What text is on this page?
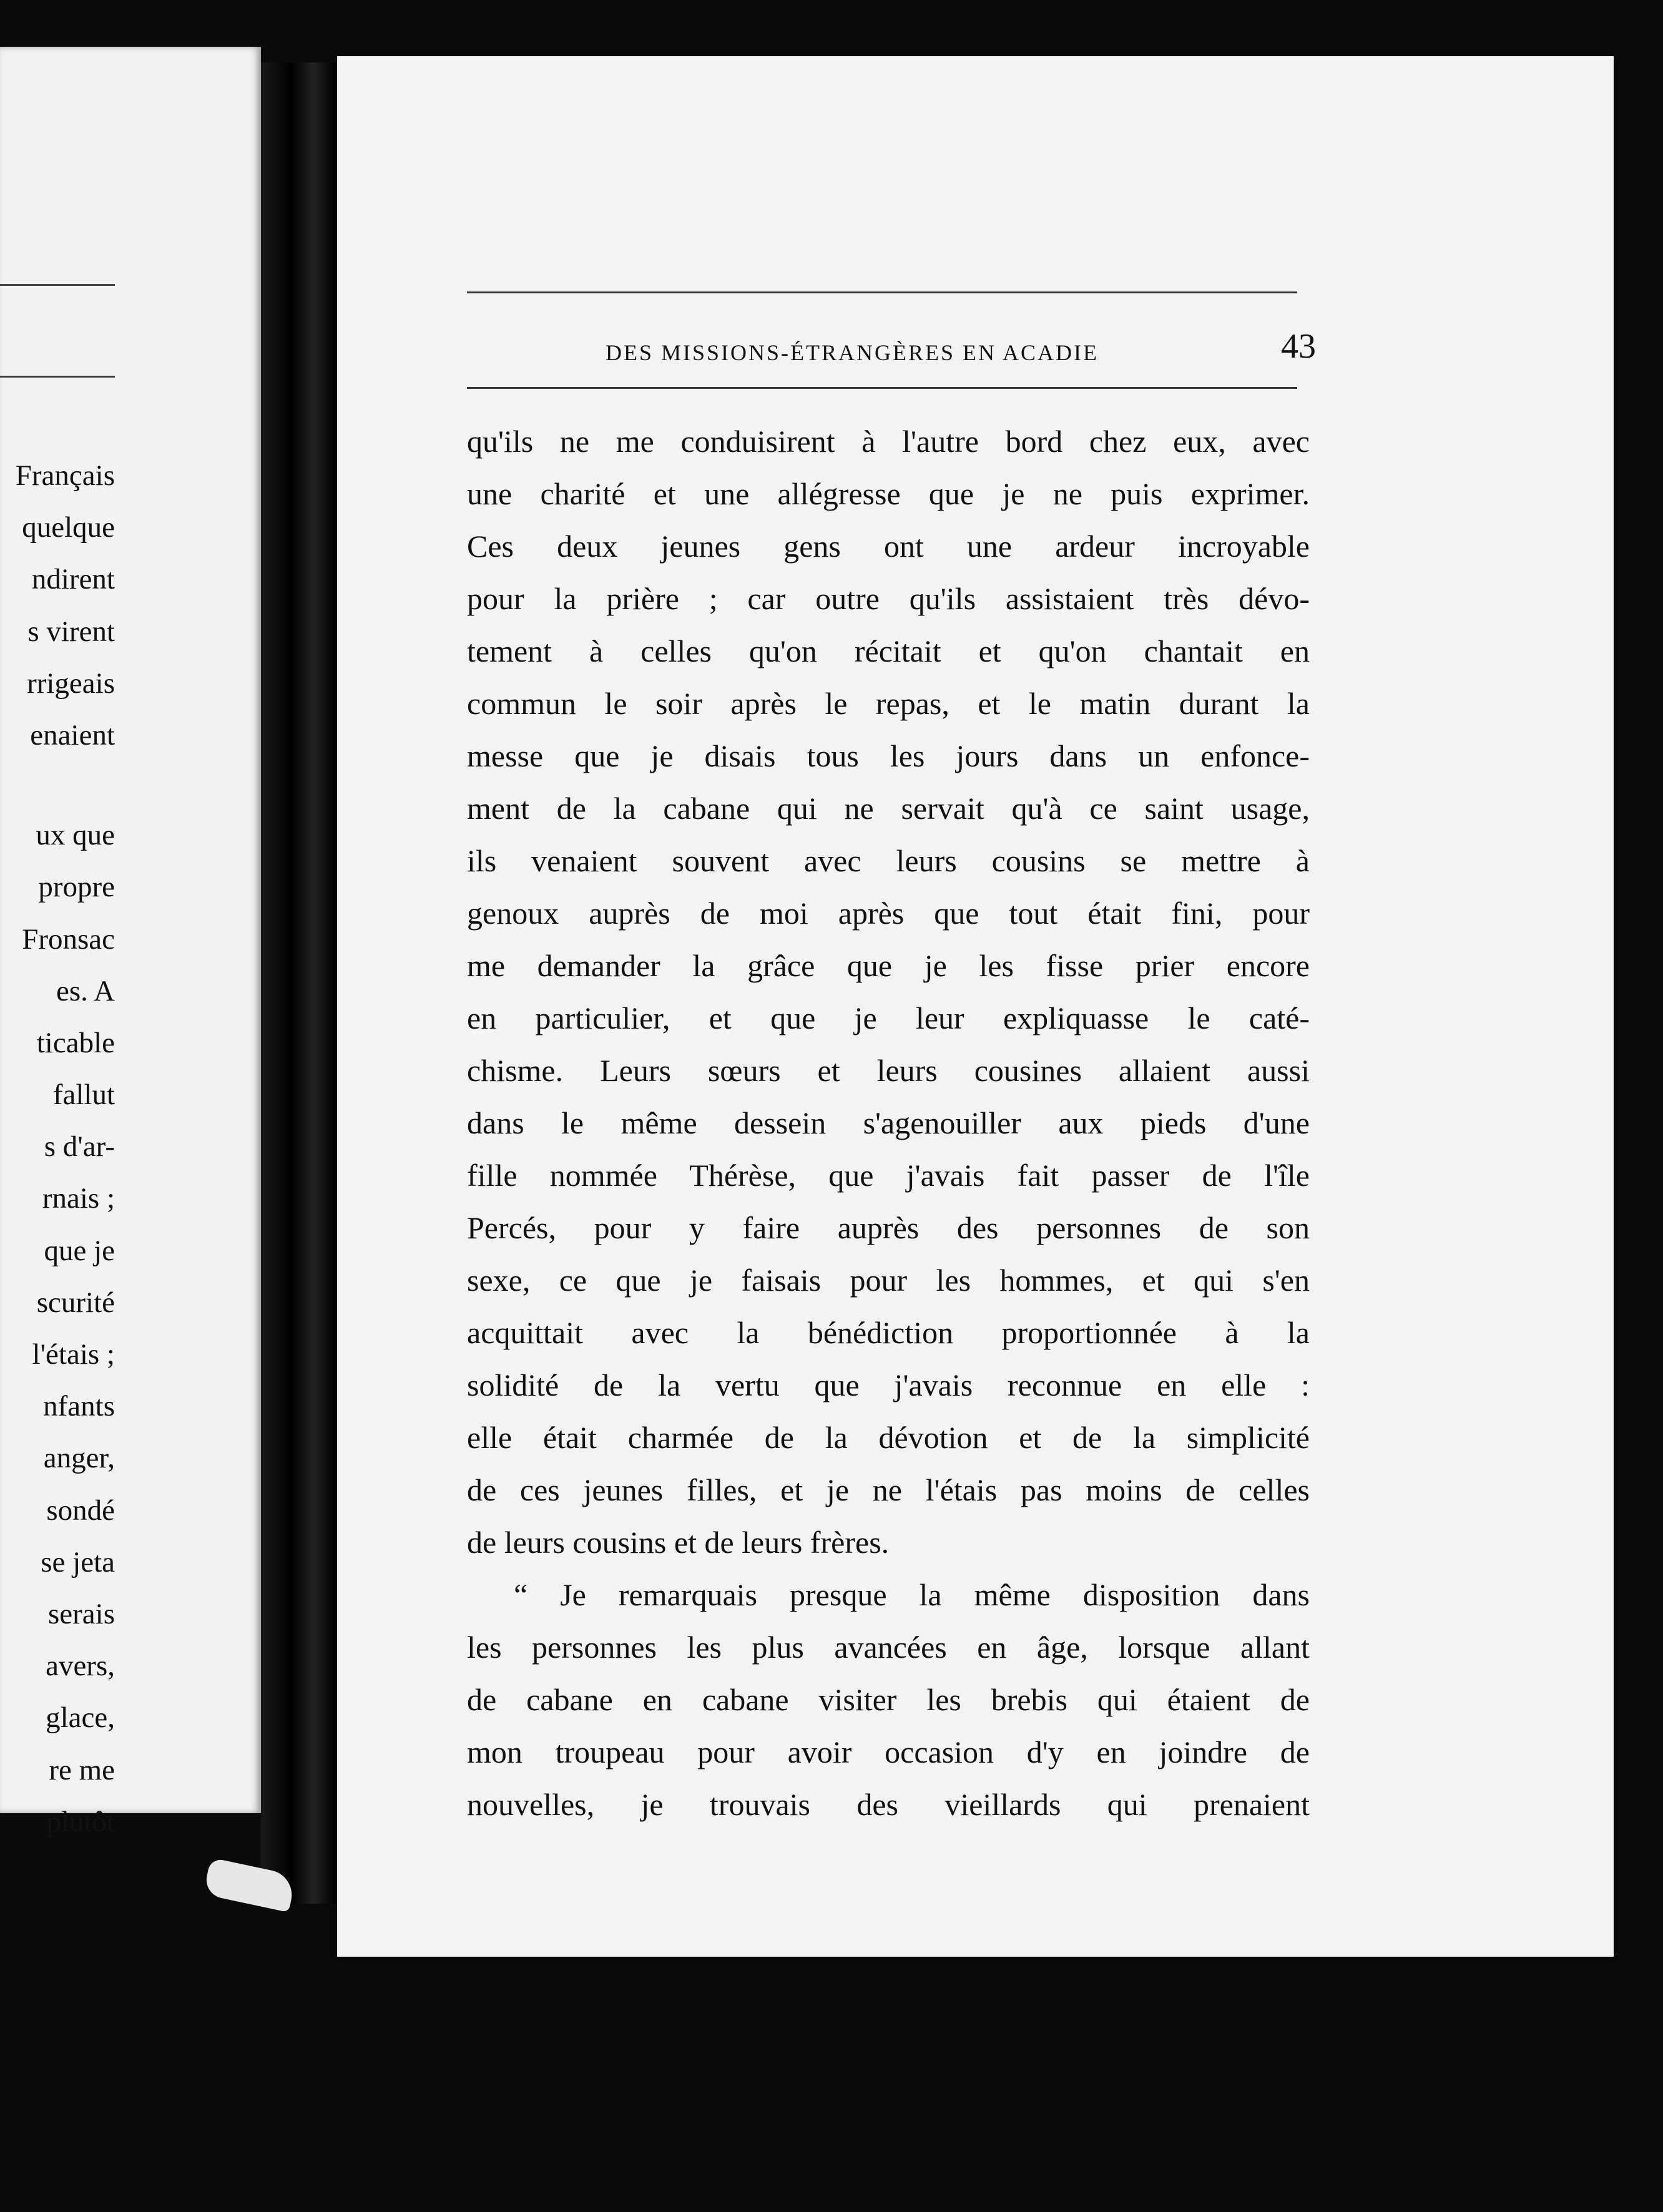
Français
quelque
ndirent
s virent
rrigeais
enaient
ux que
propre
Fronsac
es. A
ticable
fallut
s d'ar-
rnais ;
que je
scurité
l'étais ;
nfants
anger,
sondé
se jeta
serais
avers,
glace,
re me
plutôt
DES MISSIONS-ÉTRANGÈRES EN ACADIE	43
qu'ils ne me conduisirent à l'autre bord chez eux, avec
une charité et une allégresse que je ne puis exprimer.
Ces deux jeunes gens ont une ardeur incroyable
pour la prière ; car outre qu'ils assistaient très dévo-
tement à celles qu'on récitait et qu'on chantait en
commun le soir après le repas, et le matin durant la
messe que je disais tous les jours dans un enfonce-
ment de la cabane qui ne servait qu'à ce saint usage,
ils venaient souvent avec leurs cousins se mettre à
genoux auprès de moi après que tout était fini, pour
me demander la grâce que je les fisse prier encore
en particulier, et que je leur expliquasse le caté-
chisme. Leurs sœurs et leurs cousines allaient aussi
dans le même dessein s'agenouiller aux pieds d'une
fille nommée Thérèse, que j'avais fait passer de l'île
Percés, pour y faire auprès des personnes de son
sexe, ce que je faisais pour les hommes, et qui s'en
acquittait avec la bénédiction proportionnée à la
solidité de la vertu que j'avais reconnue en elle :
elle était charmée de la dévotion et de la simplicité
de ces jeunes filles, et je ne l'étais pas moins de celles
de leurs cousins et de leurs frères.
“ Je remarquais presque la même disposition dans
les personnes les plus avancées en âge, lorsque allant
de cabane en cabane visiter les brebis qui étaient de
mon troupeau pour avoir occasion d'y en joindre de
nouvelles, je trouvais des vieillards qui prenaient
